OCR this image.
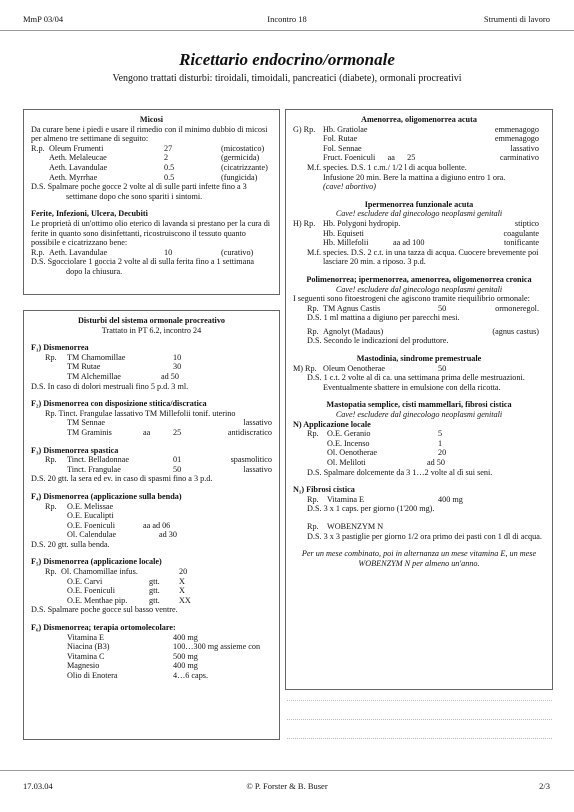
MmP 03/04	Incontro 18	Strumenti di lavoro
Ricettario endocrino/ormonale
Vengono trattati disturbi: tiroidali, timoidali, pancreatici (diabete), ormonali procreativi
Micosi
Da curare bene i piedi e usare il rimedio con il minimo dubbio di micosi per almeno tre settimane di seguito:
R.p. Oleum Frumenti	27	(micostatico)
Aeth. Melaleucae	2	(germicida)
Aeth. Lavandulae	0.5	(cicatrizzante)
Aeth. Myrrhae	0.5	(fungicida)
D.S. Spalmare poche gocce 2 volte al dì sulle parti infette fino a 3 settimane dopo che sono spariti i sintomi.
Ferite, Infezioni, Ulcera, Decubiti
Le proprietà di un'ottimo olio eterico di lavanda si prestano per la cura di ferite in quanto sono disinfettanti, ricostruiscono il tessuto quanto possibile e cicatrizzano bene:
R.p. Aeth. Lavandulae	10	(curativo)
D.S. Sgocciolare 1 goccia 2 volte al dì sulla ferita fino a 1 settimana dopo la chiusura.
Disturbi del sistema ormonale procreativo
Trattato in PT 6.2, incontro 24
F₁) Dismenorrea
Rp. TM Chamomillae	10
TM Rutae	30
TM Alchemillae	ad 50
D.S. In caso di dolori mestruali fino 5 p.d. 3 ml.
F₂) Dismenorrea con disposizione stitica/discratica
Rp. Tinct. Frangulae lassativo TM Millefolii tonif. uterino
TM Sennae	lassativo
TM Graminis	aa	25	antidiscratico
F₃) Dismenorrea spastica
Rp. Tinct. Belladonnae	01	spasmolitico
Tinct. Frangulae	50	lassativo
D.S. 20 gtt. la sera ed ev. in caso di spasmi fino a 3 p.d.
F₄) Dismenorrea (applicazione sulla benda)
Rp. O.E. Melissae
O.E. Eucalipti
O.E. Foeniculi	aa ad 06
Ol. Calendulae	ad 30
D.S. 20 gtt. sulla benda.
F₅) Dismenorrea (applicazione locale)
Rp. Ol. Chamomillae infus.	20
O.E. Carvi	gtt. X
O.E. Foeniculi	gtt. X
O.E. Menthae pip.	gtt. XX
D.S. Spalmare poche gocce sul basso ventre.
F₆) Dismenorrea; terapia ortomolecolare:
Vitamina E	400 mg
Niacina (B3)	100…300 mg assieme con
Vitamina C	500 mg
Magnesio	400 mg
Olio di Enotera	4…6 caps.
Amenorrea, oligomenorrea acuta
G) Rp. Hb. Gratiolae	emmenagogo
Fol. Rutae	emmenagogo
Fol. Sennae	lassativo
Fruct. Foeniculi      aa      25	carminativo
M.f. species. D.S. 1 c.m./ 1/2 l di acqua bollente.
Infusione 20 min. Bere la mattina a digiuno entro 1 ora.
(cave! abortivo)
Ipermenorrea funzionale acuta
Cave! escludere dal ginecologo neoplasmi genitali
H) Rp. Hb. Polygoni hydropip.	stiptico
Hb. Equiseti	coagulante
Hb. Millefolii            aa ad 100	tonificante
M.f. species. D.S. 2 c.t. in una tazza di acqua. Cuocere brevemente poi lasciare 20 min. a riposo. 3 p.d.
Polimenorrea; ipermenorrea, amenorrea, oligomenorrea cronica
Cave! escludere dal ginecologo neoplasmi genitali
I seguenti sono fitoestrogeni che agiscono tramite riequilibrio ormonale:
Rp. TM Agnus Castis	50	ormoneregol.
D.S. 1 ml mattina a digiuno per parecchi mesi.
Rp. Agnolyt (Madaus)	(agnus castus)
D.S. Secondo le indicazioni del produttore.
Mastodinia, sindrome premestruale
M) Rp. Oleum Oenotherae	50
D.S. 1 c.t. 2 volte al dì ca. una settimana prima delle mestruazioni. Eventualmente sbattere in emulsione con della ricotta.
Mastopatia semplice, cisti mammellari, fibrosi cistica
Cave! escludere dal ginecologo neoplasmi genitali
N) Applicazione locale
Rp. O.E. Geranio	5
O.E. Incenso	1
Ol. Oenotherae	20
Ol. Meliloti	ad 50
D.S. Spalmare dolcemente da 3 1…2 volte al dì sui seni.
N₁) Fibrosi cistica
Rp. Vitamina E	400 mg
D.S. 3 x 1 caps. per giorno (1'200 mg).
Rp. WOBENZYM N
D.S. 3 x 3 pastiglie per giorno 1/2 ora primo dei pasti con 1 dl di acqua.
Per un mese combinato, poi in alternanza un mese vitamina E, un mese WOBENZYM N per almeno un'anno.
17.03.04	© P. Forster & B. Buser	2/3
